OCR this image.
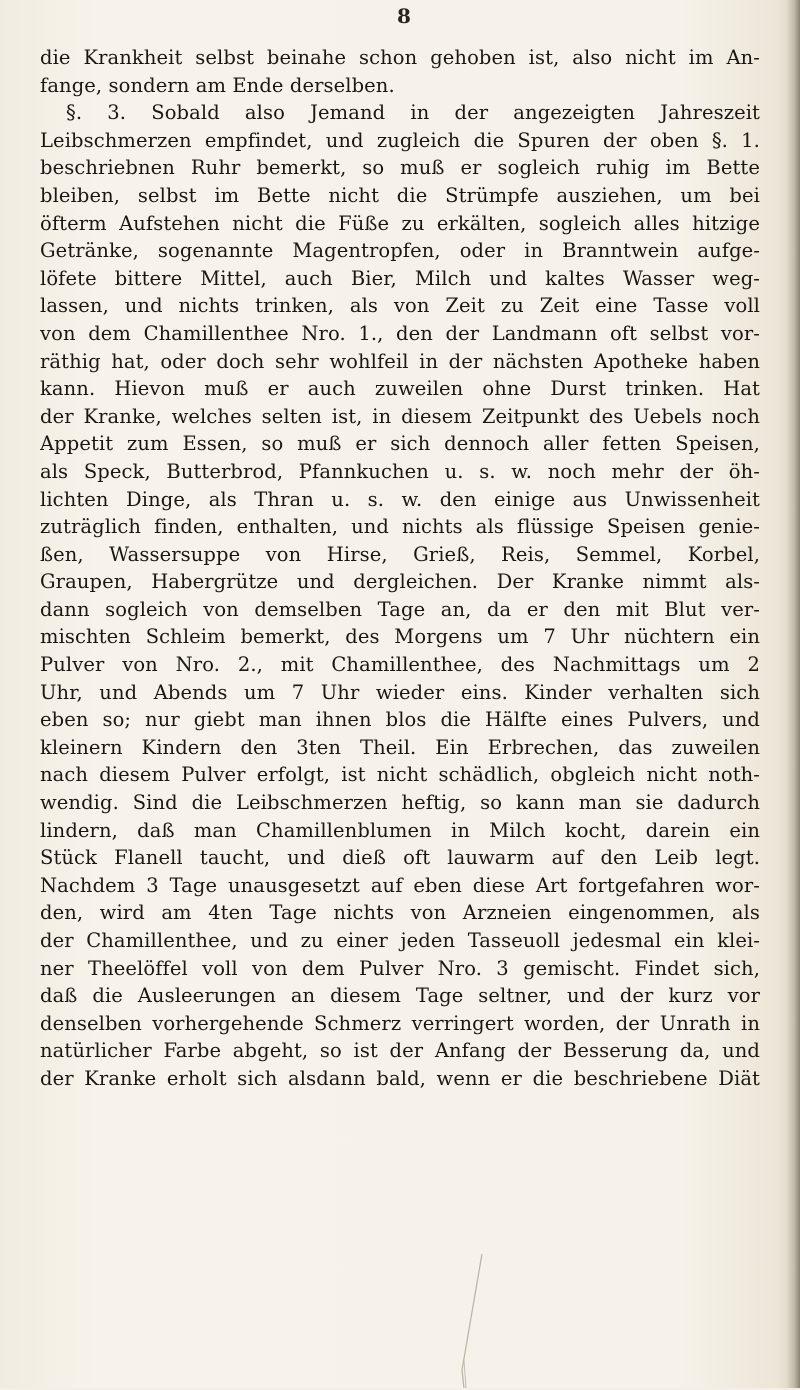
8
die Krankheit selbst beinahe schon gehoben ist, also nicht im An-
fange, sondern am Ende derselben.
§. 3. Sobald also Jemand in der angezeigten Jahreszeit
Leibschmerzen empfindet, und zugleich die Spuren der oben §. 1.
beschriebnen Ruhr bemerkt, so muß er sogleich ruhig im Bette
bleiben, selbst im Bette nicht die Strümpfe ausziehen, um bei
öfterm Aufstehen nicht die Füße zu erkälten, sogleich alles hitzige
Getränke, sogenannte Magentropfen, oder in Branntwein aufge-
löfete bittere Mittel, auch Bier, Milch und kaltes Wasser weg-
lassen, und nichts trinken, als von Zeit zu Zeit eine Tasse voll
von dem Chamillenthee Nro. 1., den der Landmann oft selbst vor-
räthig hat, oder doch sehr wohlfeil in der nächsten Apotheke haben
kann. Hievon muß er auch zuweilen ohne Durst trinken. Hat
der Kranke, welches selten ist, in diesem Zeitpunkt des Uebels noch
Appetit zum Essen, so muß er sich dennoch aller fetten Speisen,
als Speck, Butterbrod, Pfannkuchen u. s. w. noch mehr der öh-
lichten Dinge, als Thran u. s. w. den einige aus Unwissenheit
zuträglich finden, enthalten, und nichts als flüssige Speisen genie-
ßen, Wassersuppe von Hirse, Grieß, Reis, Semmel, Korbel,
Graupen, Habergrütze und dergleichen. Der Kranke nimmt als-
dann sogleich von demselben Tage an, da er den mit Blut ver-
mischten Schleim bemerkt, des Morgens um 7 Uhr nüchtern ein
Pulver von Nro. 2., mit Chamillenthee, des Nachmittags um 2
Uhr, und Abends um 7 Uhr wieder eins. Kinder verhalten sich
eben so; nur giebt man ihnen blos die Hälfte eines Pulvers, und
kleinern Kindern den 3ten Theil. Ein Erbrechen, das zuweilen
nach diesem Pulver erfolgt, ist nicht schädlich, obgleich nicht noth-
wendig. Sind die Leibschmerzen heftig, so kann man sie dadurch
lindern, daß man Chamillenblumen in Milch kocht, darein ein
Stück Flanell taucht, und dieß oft lauwarm auf den Leib legt.
Nachdem 3 Tage unausgesetzt auf eben diese Art fortgefahren wor-
den, wird am 4ten Tage nichts von Arzneien eingenommen, als
der Chamillenthee, und zu einer jeden Tasseuoll jedesmal ein klei-
ner Theelöffel voll von dem Pulver Nro. 3 gemischt. Findet sich,
daß die Ausleerungen an diesem Tage seltner, und der kurz vor
denselben vorhergehende Schmerz verringert worden, der Unrath in
natürlicher Farbe abgeht, so ist der Anfang der Besserung da, und
der Kranke erholt sich alsdann bald, wenn er die beschriebene Diät
